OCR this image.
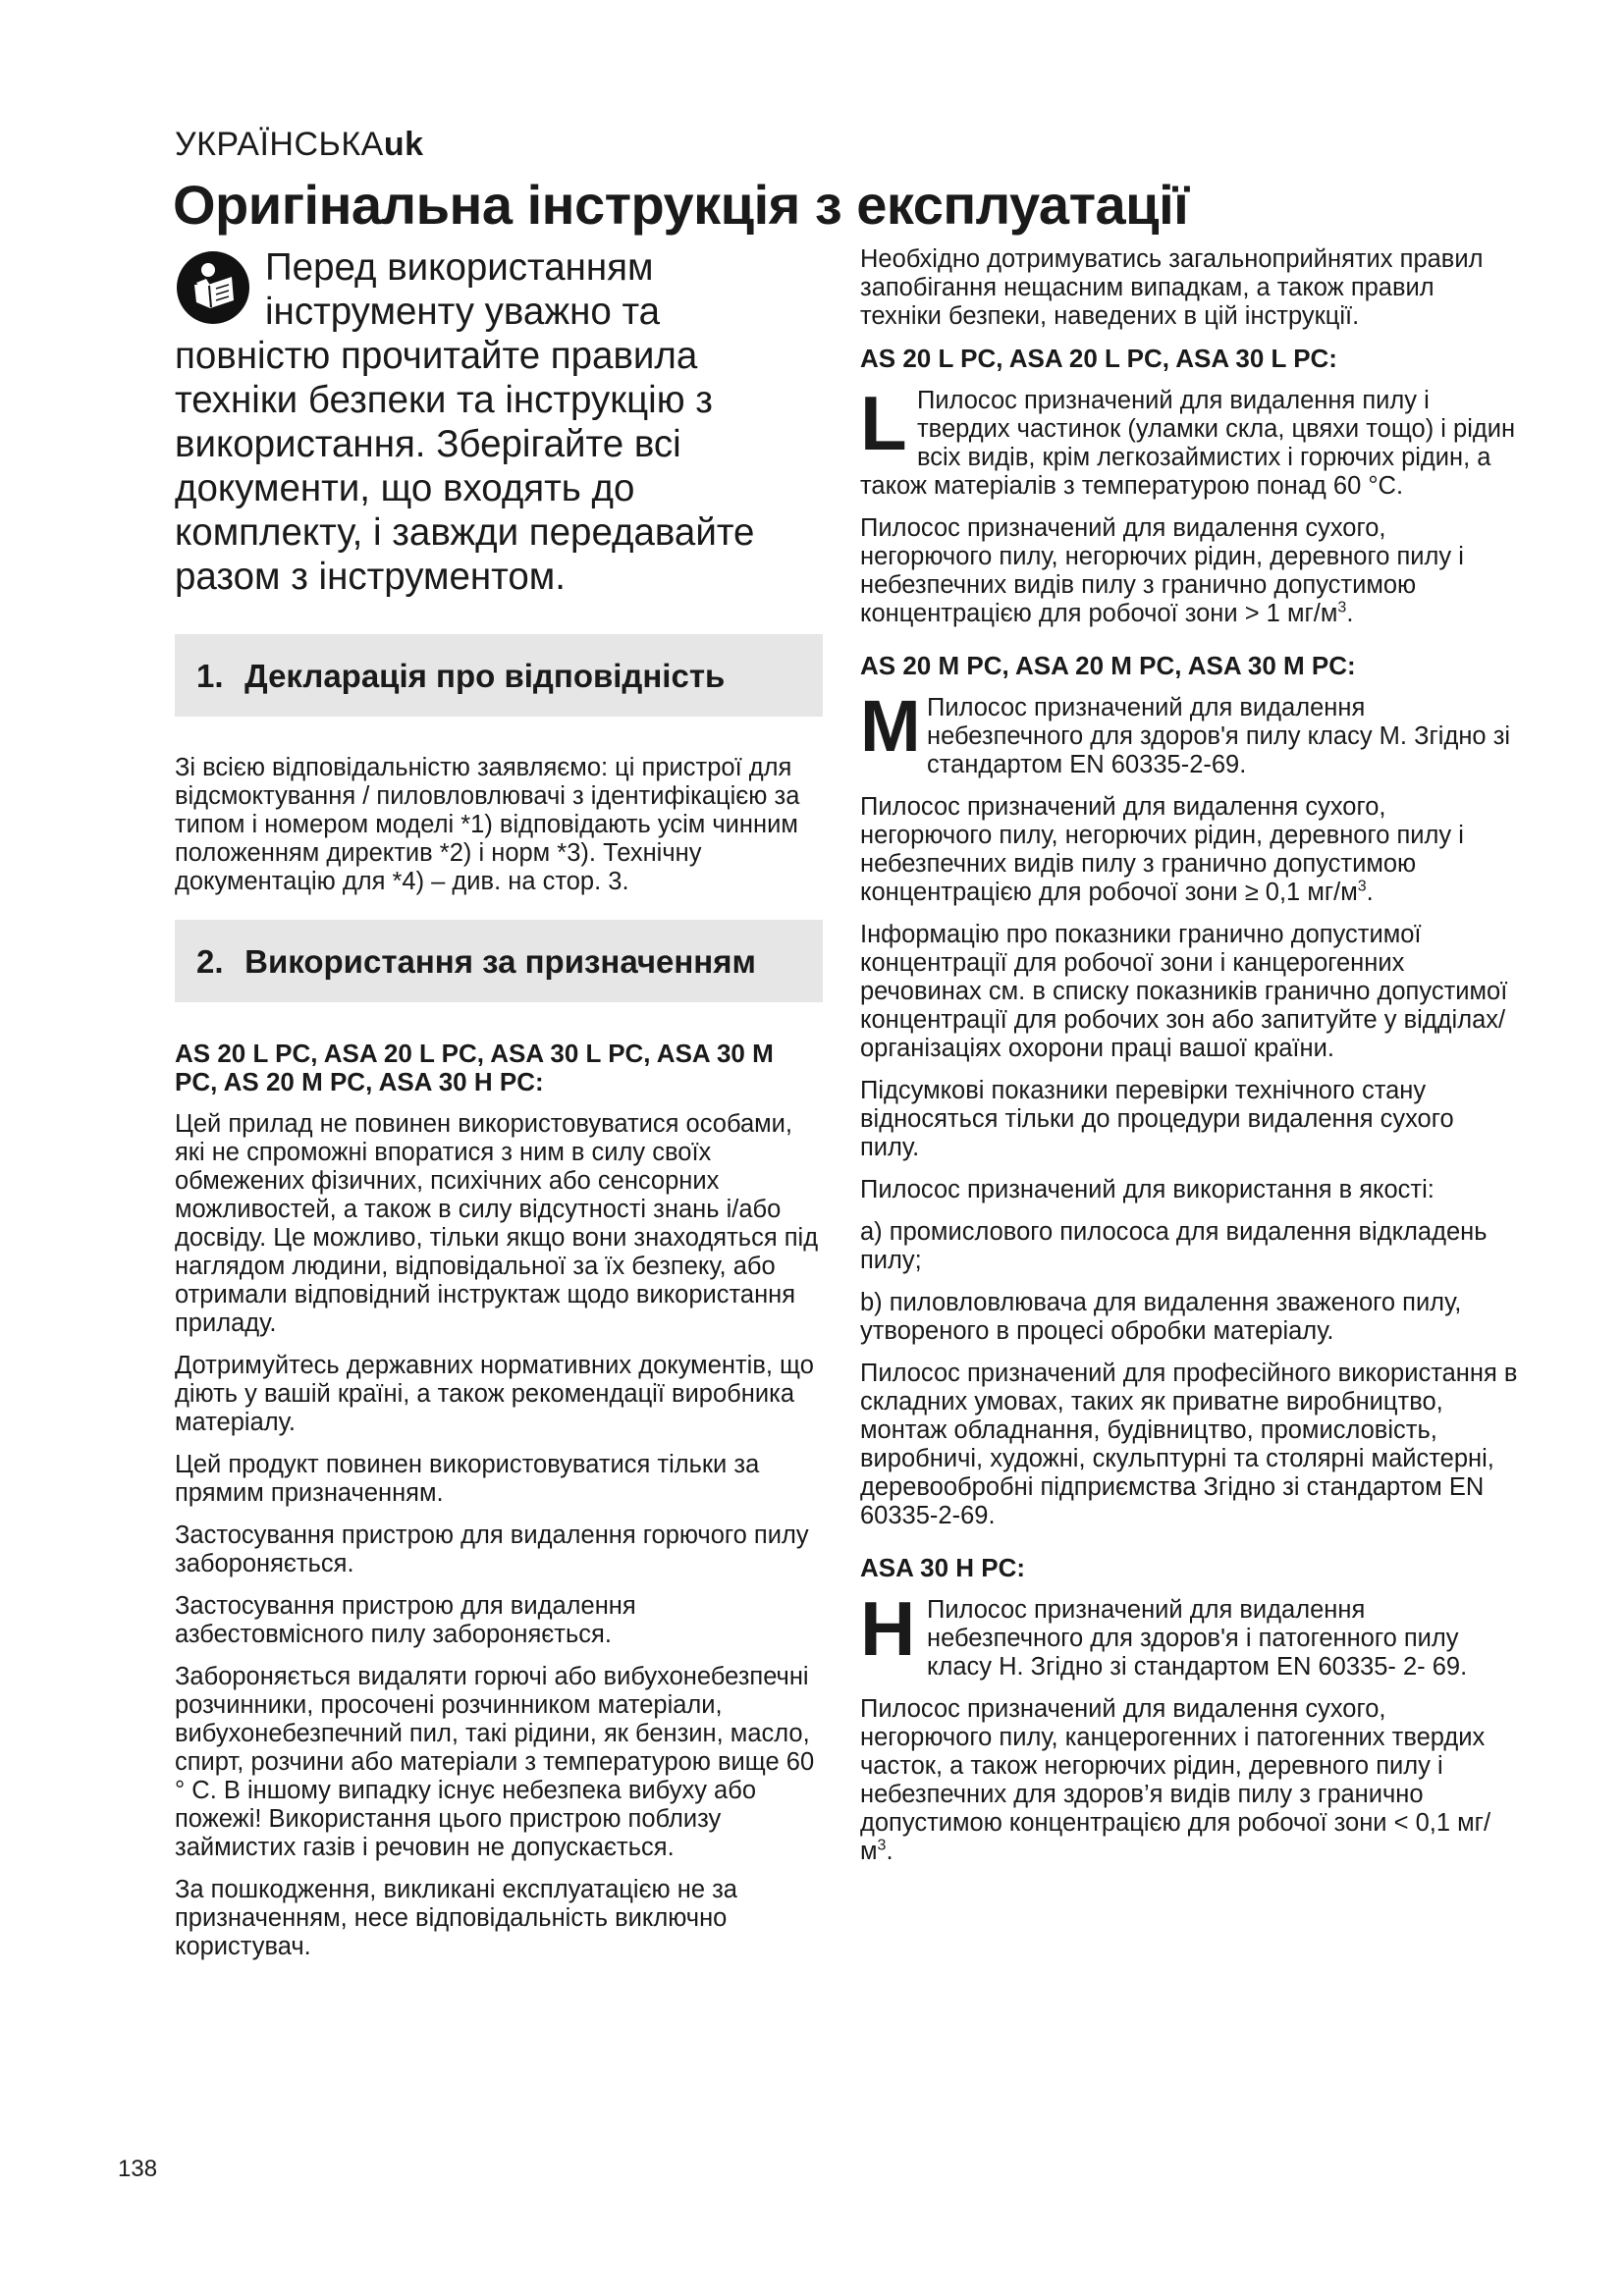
УКРАЇНСЬКАuk
Оригінальна інструкція з експлуатації
Перед використанням інструменту уважно та повністю прочитайте правила техніки безпеки та інструкцію з використання. Зберігайте всі документи, що входять до комплекту, і завжди передавайте разом з інструментом.
1. Декларація про відповідність

Зі всією відповідальністю заявляємо: ці пристрої для відсмоктування / пиловловлювачі з ідентифікацією за типом і номером моделі *1) відповідають усім чинним положенням директив *2) і норм *3). Технічну документацію для *4) – див. на стор. 3.

2. Використання за призначенням
AS 20 L PC, ASA 20 L PC, ASA 30 L PC, ASA 30 M PC, AS 20 M PC, ASA 30 H PC:

Цей прилад не повинен використовуватися особами, які не спроможні впоратися з ним в силу своїх обмежених фізичних, психічних або сенсорних можливостей, а також в силу відсутності знань і/або досвіду. Це можливо, тільки якщо вони знаходяться під наглядом людини, відповідальної за їх безпеку, або отримали відповідний інструктаж щодо використання приладу.

Дотримуйтесь державних нормативних документів, що діють у вашій країні, а також рекомендації виробника матеріалу.

Цей продукт повинен використовуватися тільки за прямим призначенням.

Застосування пристрою для видалення горючого пилу забороняється.

Застосування пристрою для видалення азбестовмісного пилу забороняється.

Забороняється видаляти горючі або вибухонебезпечні розчинники, просочені розчинником матеріали, вибухонебезпечний пил, такі рідини, як бензин, масло, спирт, розчини або матеріали з температурою вище 60 ° С. В іншому випадку існує небезпека вибуху або пожежі! Використання цього пристрою поблизу займистих газів і речовин не допускається.

За пошкодження, викликані експлуатацією не за призначенням, несе відповідальність виключно користувач.

Необхідно дотримуватись загальноприйнятих правил запобігання нещасним випадкам, а також правил техніки безпеки, наведених в цій інструкції.

AS 20 L PC, ASA 20 L PC, ASA 30 L PC:
L Пилосос призначений для видалення пилу і твердих частинок (уламки скла, цвяхи тощо) і рідин всіх видів, крім легкозаймистих і горючих рідин, а також матеріалів з температурою понад 60 °C.

Пилосос призначений для видалення сухого, негорючого пилу, негорючих рідин, деревного пилу і небезпечних видів пилу з гранично допустимою концентрацією для робочої зони > 1 $мг/м^3$.

AS 20 M PC, ASA 20 M PC, ASA 30 M PC:
M Пилосос призначений для видалення небезпечного для здоров'я пилу класу M. Згідно зі стандартом EN 60335-2-69.

Пилосос призначений для видалення сухого, негорючого пилу, негорючих рідин, деревного пилу і небезпечних видів пилу з гранично допустимою концентрацією для робочої зони ≥ 0,1 $мг/м^3$.

Інформацію про показники гранично допустимої концентрації для робочої зони і канцерогенних речовинах см. в списку показників гранично допустимої концентрації для робочих зон або запитуйте у відділах/організаціях охорони праці вашої країни.

Підсумкові показники перевірки технічного стану відносяться тільки до процедури видалення сухого пилу.

Пилосос призначений для використання в якості:

a) промислового пилососа для видалення відкладень пилу;

b) пиловловлювача для видалення зваженого пилу, утвореного в процесі обробки матеріалу.

Пилосос призначений для професійного використання в складних умовах, таких як приватне виробництво, монтаж обладнання, будівництво, промисловість, виробничі, художні, скульптурні та столярні майстерні, деревообробні підприємства Згідно зі стандартом EN 60335-2-69.

ASA 30 H PC:
H Пилосос призначений для видалення небезпечного для здоров'я і патогенного пилу класу H. Згідно зі стандартом EN 60335- 2- 69.

Пилосос призначений для видалення сухого, негорючого пилу, канцерогенних і патогенних твердих часток, а також негорючих рідин, деревного пилу і небезпечних для здоров’я видів пилу з гранично допустимою концентрацією для робочої зони < 0,1 $мг/м^3$.

138
